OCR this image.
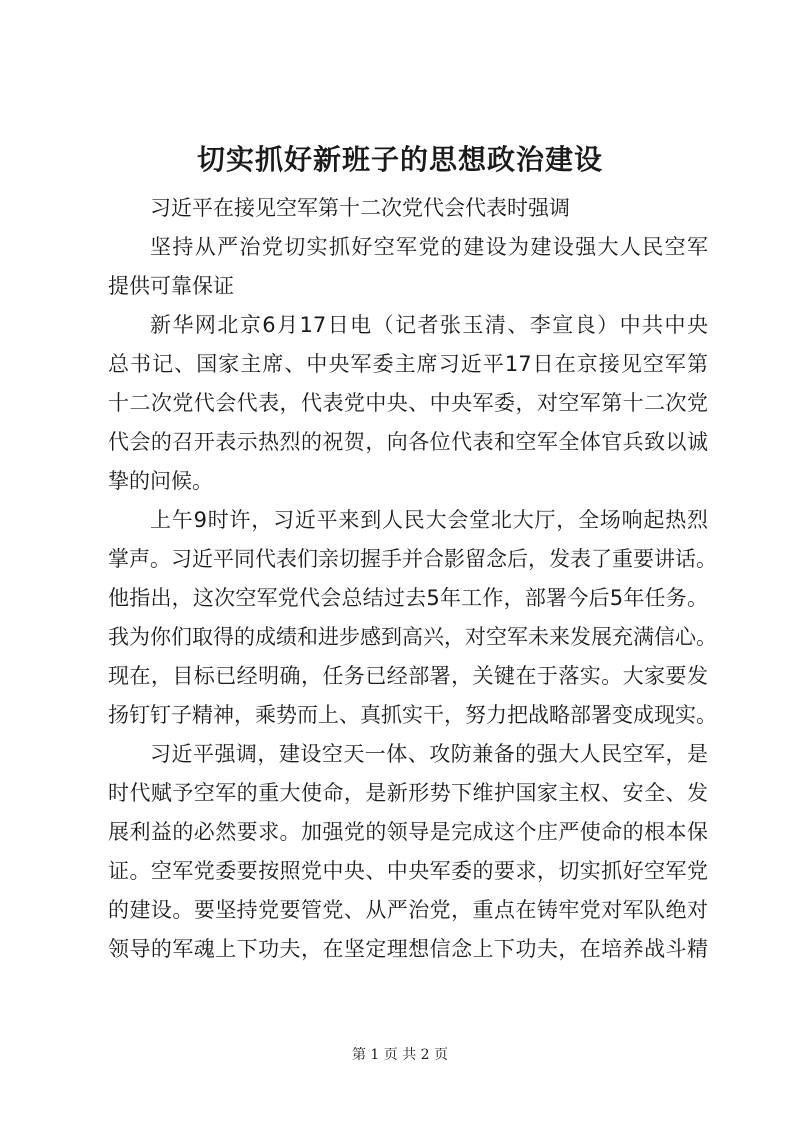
切实抓好新班子的思想政治建设
习近平在接见空军第十二次党代会代表时强调
坚持从严治党切实抓好空军党的建设为建设强大人民空军
提供可靠保证
新华网北京6月17日电（记者张玉清、李宣良）中共中央
总书记、国家主席、中央军委主席习近平17日在京接见空军第
十二次党代会代表，代表党中央、中央军委，对空军第十二次党
代会的召开表示热烈的祝贺，向各位代表和空军全体官兵致以诚
挚的问候。
上午9时许，习近平来到人民大会堂北大厅，全场响起热烈
掌声。习近平同代表们亲切握手并合影留念后，发表了重要讲话。
他指出，这次空军党代会总结过去5年工作，部署今后5年任务。
我为你们取得的成绩和进步感到高兴，对空军未来发展充满信心。
现在，目标已经明确，任务已经部署，关键在于落实。大家要发
扬钉钉子精神，乘势而上、真抓实干，努力把战略部署变成现实。
习近平强调，建设空天一体、攻防兼备的强大人民空军，是
时代赋予空军的重大使命，是新形势下维护国家主权、安全、发
展利益的必然要求。加强党的领导是完成这个庄严使命的根本保
证。空军党委要按照党中央、中央军委的要求，切实抓好空军党
的建设。要坚持党要管党、从严治党，重点在铸牢党对军队绝对
领导的军魂上下功夫，在坚定理想信念上下功夫，在培养战斗精
第 1 页 共 2 页
